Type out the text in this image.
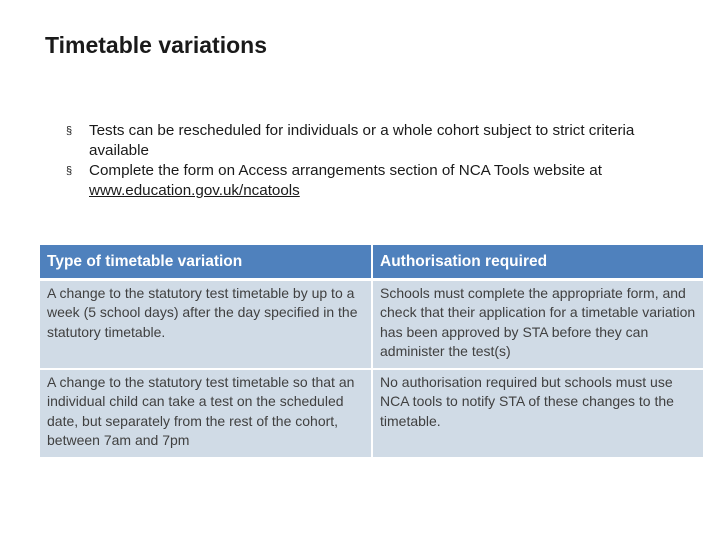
Timetable variations
§ Tests can be rescheduled for individuals or a whole cohort subject to strict criteria available
§ Complete the form on Access arrangements section of NCA Tools website at www.education.gov.uk/ncatools
Type of timetable variation	Authorisation required
A change to the statutory test timetable by up to a week (5 school days) after the day specified in the statutory timetable.	Schools must complete the appropriate form, and check that their application for a timetable variation has been approved by STA before they can administer the test(s)
A change to the statutory test timetable so that an individual child can take a test on the scheduled date, but separately from the rest of the cohort, between 7am and 7pm	No authorisation required but schools must use NCA tools to notify STA of these changes to the timetable.
